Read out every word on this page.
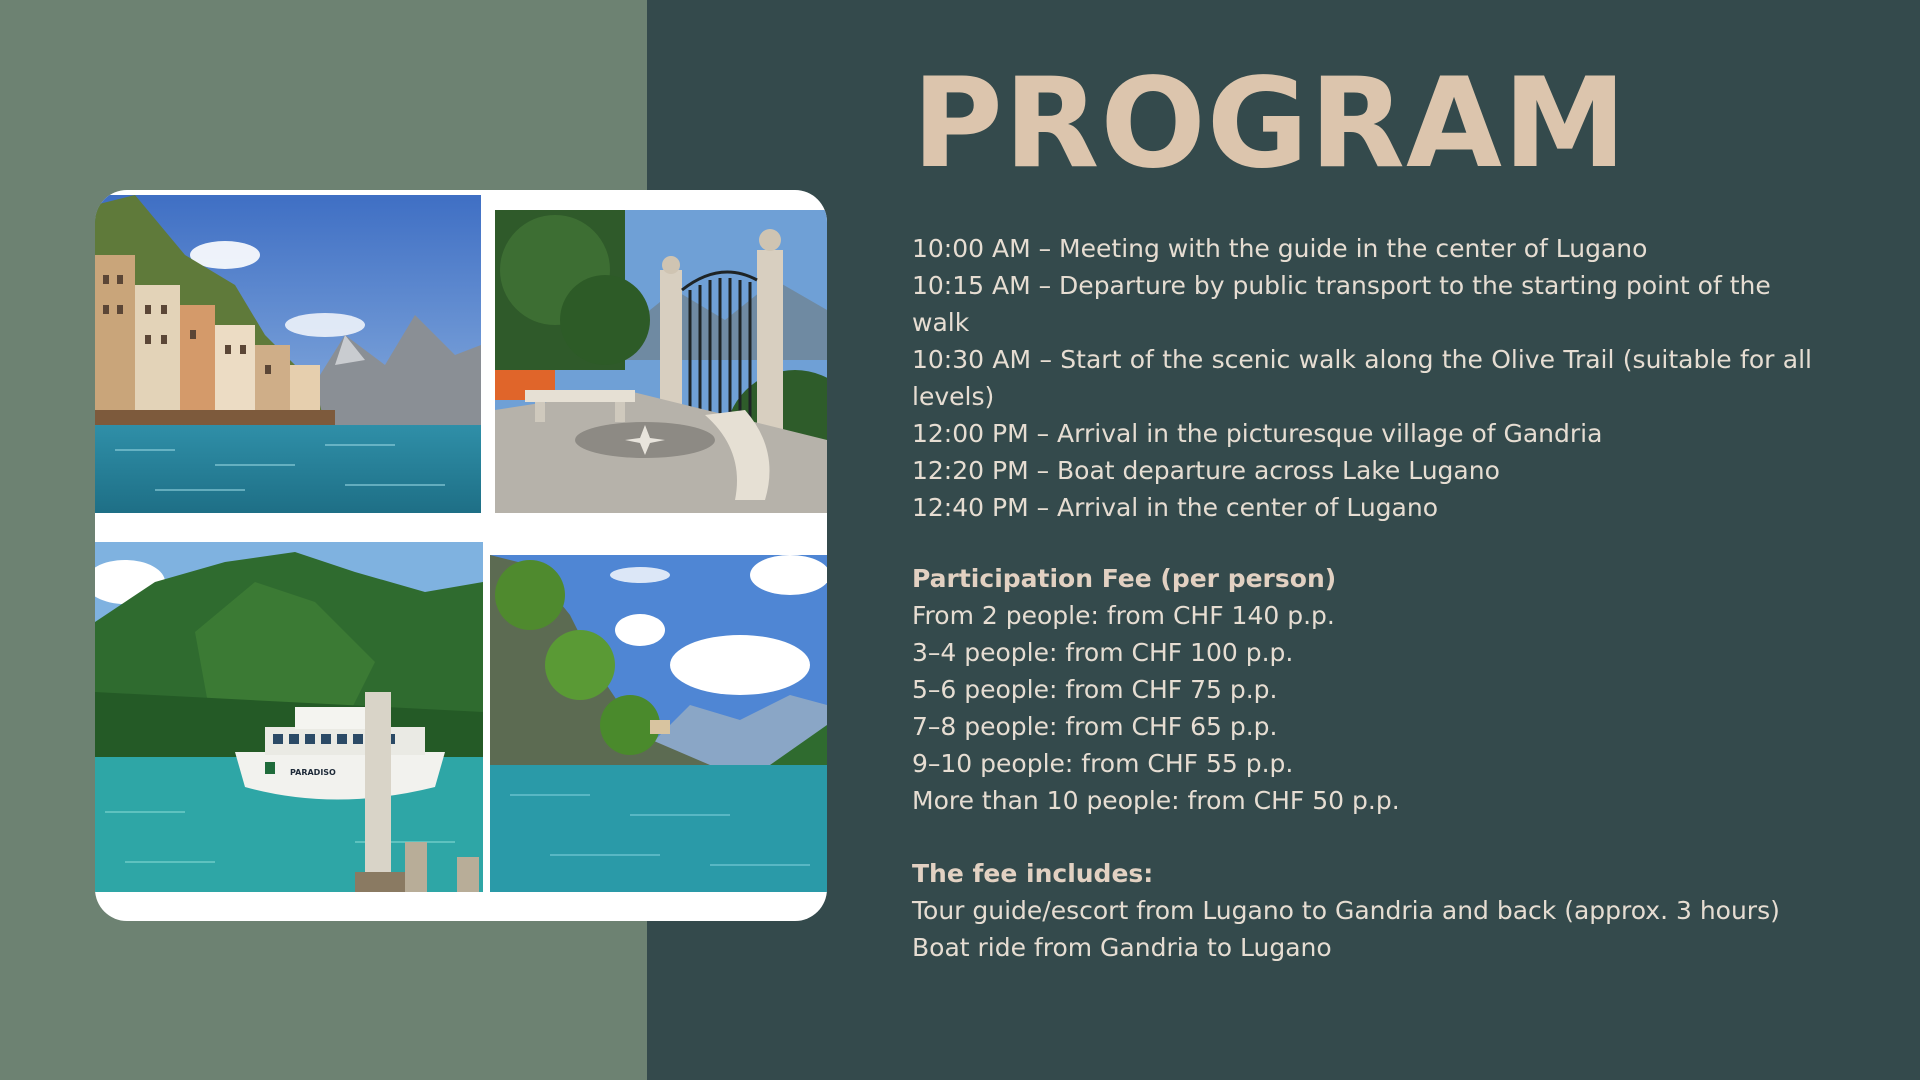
PARADISO
PROGRAM

10:00 AM – Meeting with the guide in the center of Lugano

10:15 AM – Departure by public transport to the starting point of the walk

10:30 AM – Start of the scenic walk along the Olive Trail (suitable for all levels)

12:00 PM – Arrival in the picturesque village of Gandria

12:20 PM – Boat departure across Lake Lugano

12:40 PM – Arrival in the center of Lugano

Participation Fee (per person)

From 2 people: from CHF 140 p.p.

3–4 people: from CHF 100 p.p.

5–6 people: from CHF 75 p.p.

7–8 people: from CHF 65 p.p.

9–10 people: from CHF 55 p.p.

More than 10 people: from CHF 50 p.p.

The fee includes:

Tour guide/escort from Lugano to Gandria and back (approx. 3 hours)

Boat ride from Gandria to Lugano
